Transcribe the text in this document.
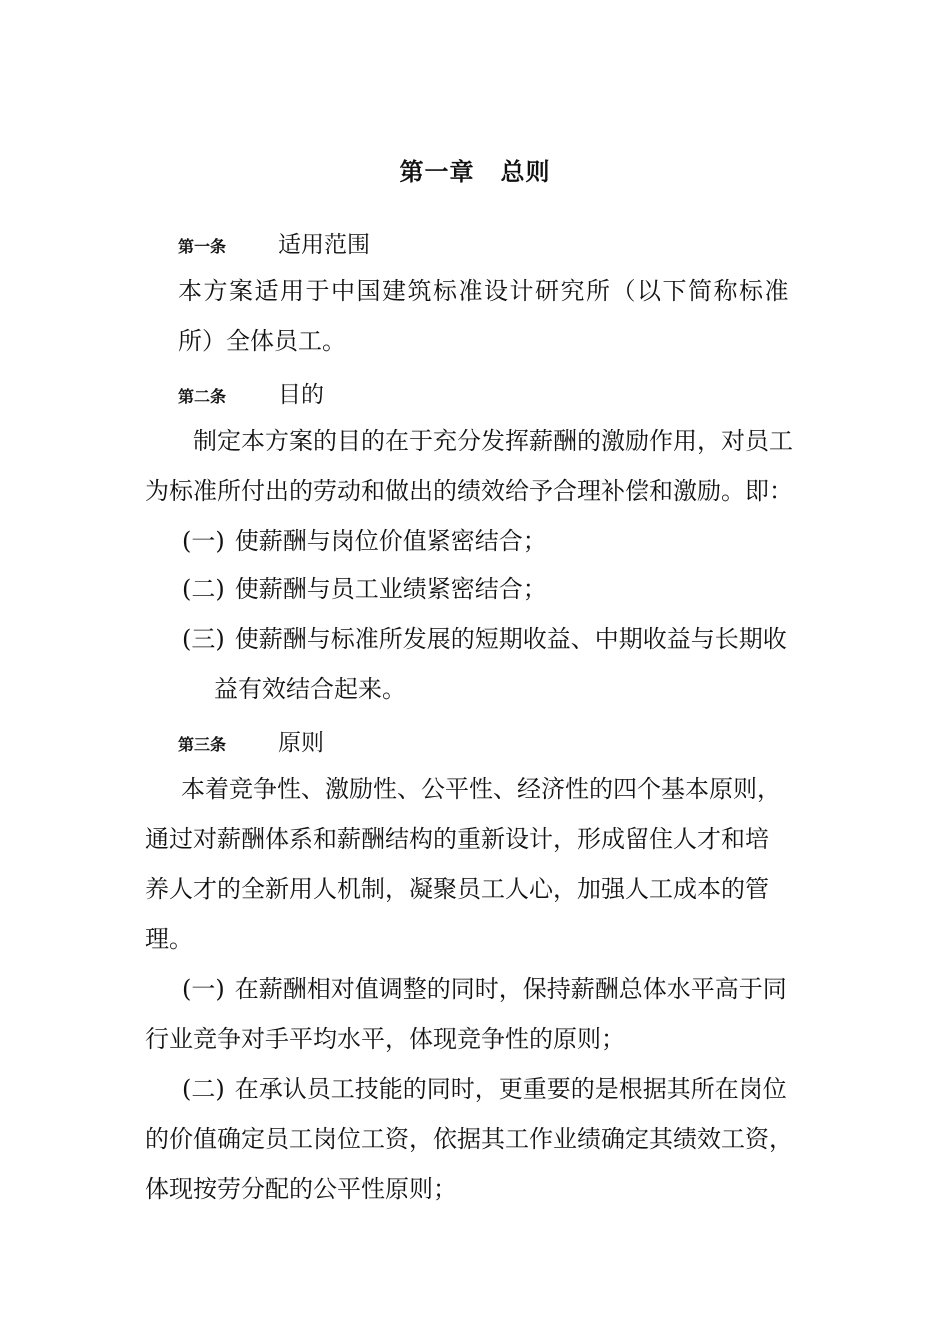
第一章 总则
第一条 适用范围
本方案适用于中国建筑标准设计研究所（以下简称标准
所）全体员工。
第二条 目的
制定本方案的目的在于充分发挥薪酬的激励作用，对员工
为标准所付出的劳动和做出的绩效给予合理补偿和激励。即：
(一) 使薪酬与岗位价值紧密结合；
(二) 使薪酬与员工业绩紧密结合；
(三) 使薪酬与标准所发展的短期收益、中期收益与长期收
益有效结合起来。
第三条 原则
本着竞争性、激励性、公平性、经济性的四个基本原则，
通过对薪酬体系和薪酬结构的重新设计，形成留住人才和培
养人才的全新用人机制，凝聚员工人心，加强人工成本的管
理。
(一) 在薪酬相对值调整的同时，保持薪酬总体水平高于同
行业竞争对手平均水平，体现竞争性的原则；
(二) 在承认员工技能的同时，更重要的是根据其所在岗位
的价值确定员工岗位工资，依据其工作业绩确定其绩效工资，
体现按劳分配的公平性原则；
